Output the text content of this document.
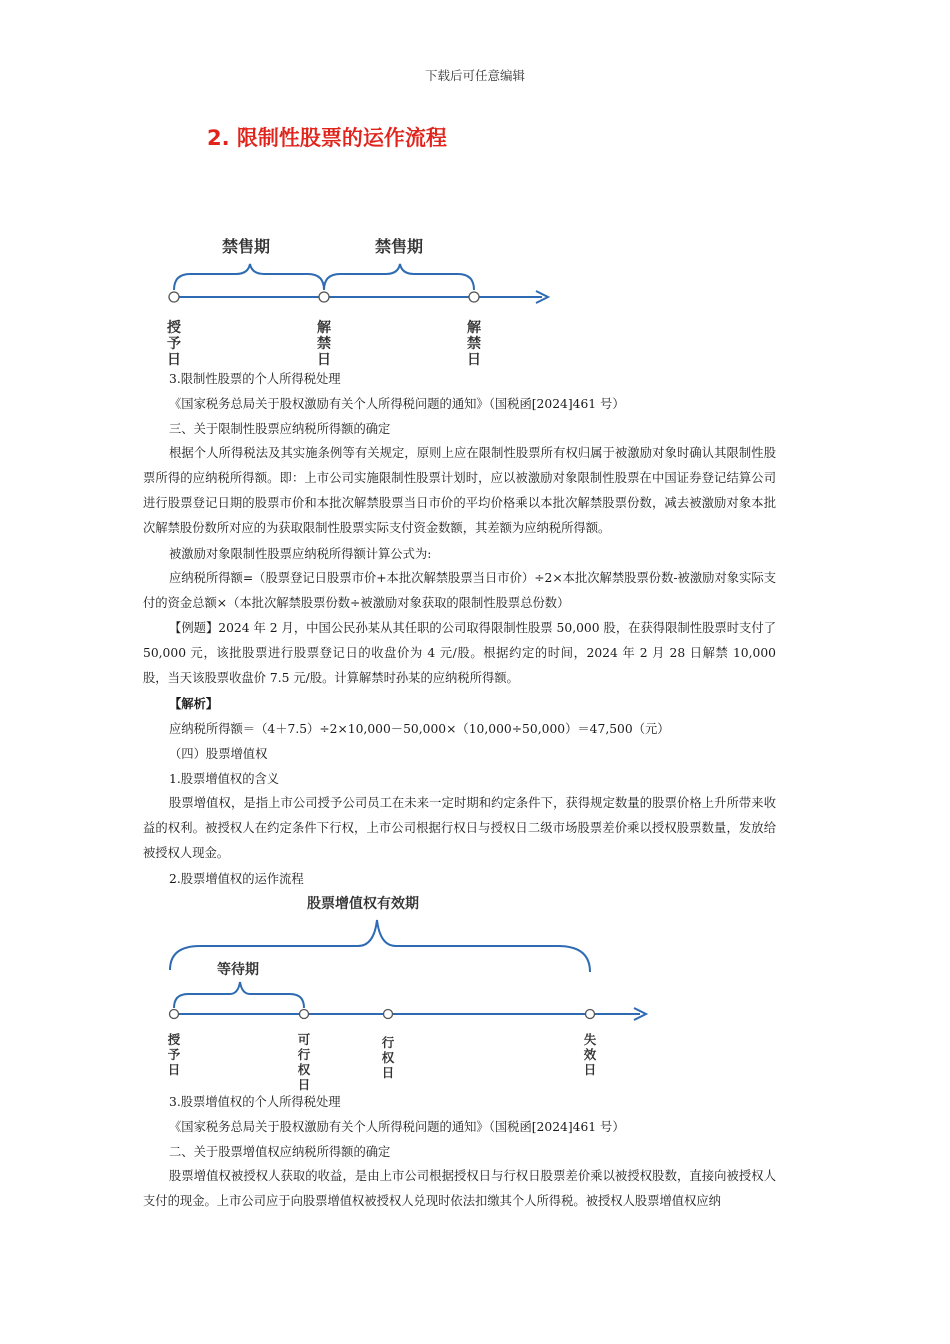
下载后可任意编辑
2. 限制性股票的运作流程
禁售期	禁售期
授
予
日
解
禁
日
解
禁
日
3.限制性股票的个人所得税处理
《国家税务总局关于股权激励有关个人所得税问题的通知》（国税函[2024]461 号）
三、关于限制性股票应纳税所得额的确定
根据个人所得税法及其实施条例等有关规定，原则上应在限制性股票所有权归属于被激励对象时确认其限制性股票所得的应纳税所得额。即：上市公司实施限制性股票计划时，应以被激励对象限制性股票在中国证券登记结算公司进行股票登记日期的股票市价和本批次解禁股票当日市价的平均价格乘以本批次解禁股票份数，减去被激励对象本批次解禁股份数所对应的为获取限制性股票实际支付资金数额，其差额为应纳税所得额。
被激励对象限制性股票应纳税所得额计算公式为:
应纳税所得额=（股票登记日股票市价+本批次解禁股票当日市价）÷2×本批次解禁股票份数-被激励对象实际支付的资金总额×（本批次解禁股票份数÷被激励对象获取的限制性股票总份数）
【例题】2024 年 2 月，中国公民孙某从其任职的公司取得限制性股票 50,000 股，在获得限制性股票时支付了 50,000 元，该批股票进行股票登记日的收盘价为 4 元/股。根据约定的时间，2024 年 2 月 28 日解禁 10,000 股，当天该股票收盘价 7.5 元/股。计算解禁时孙某的应纳税所得额。
【解析】
应纳税所得额＝（4＋7.5）÷2×10,000－50,000×（10,000÷50,000）＝47,500（元）
（四）股票增值权
1.股票增值权的含义
股票增值权，是指上市公司授予公司员工在未来一定时期和约定条件下，获得规定数量的股票价格上升所带来收益的权利。被授权人在约定条件下行权，上市公司根据行权日与授权日二级市场股票差价乘以授权股票数量，发放给被授权人现金。
2.股票增值权的运作流程
股票增值权有效期
等待期
授
予
日
可
行
权
日
行
权
日
失
效
日
3.股票增值权的个人所得税处理
《国家税务总局关于股权激励有关个人所得税问题的通知》（国税函[2024]461 号）
二、关于股票增值权应纳税所得额的确定
股票增值权被授权人获取的收益，是由上市公司根据授权日与行权日股票差价乘以被授权股数，直接向被授权人支付的现金。上市公司应于向股票增值权被授权人兑现时依法扣缴其个人所得税。被授权人股票增值权应纳
